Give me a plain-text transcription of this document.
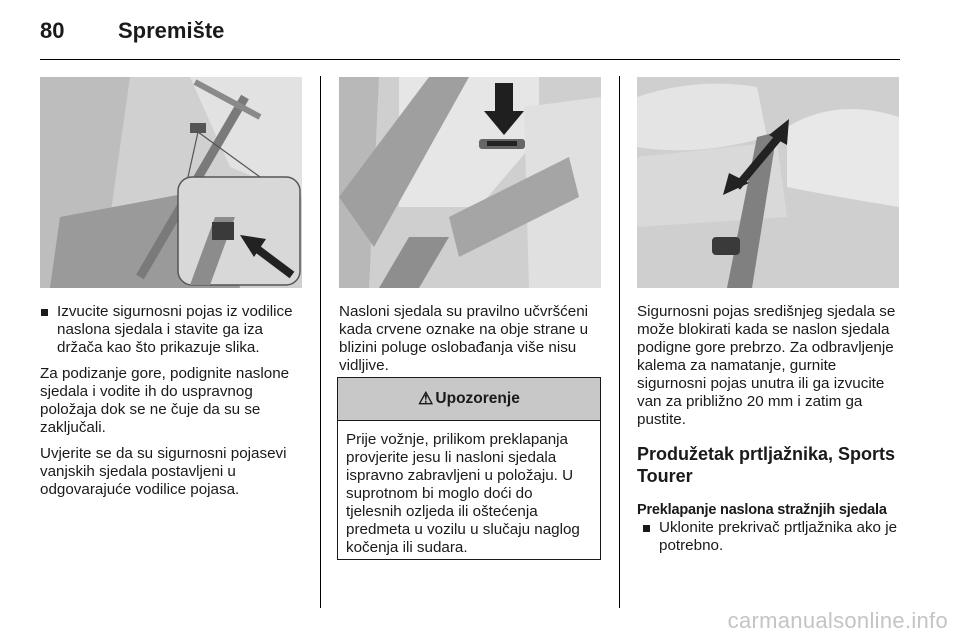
80	Spremište

Izvucite sigurnosni pojas iz vodilice naslona sjedala i stavite ga iza držača kao što prikazuje slika.

Za podizanje gore, podignite naslone sjedala i vodite ih do uspravnog položaja dok se ne čuje da su se zaključali.

Uvjerite se da su sigurnosni pojasevi vanjskih sjedala postavljeni u odgovarajuće vodilice pojasa.

Nasloni sjedala su pravilno učvršćeni kada crvene oznake na obje strane u blizini poluge oslobađanja više nisu vidljive.

⚠ Upozorenje
Prije vožnje, prilikom preklapanja provjerite jesu li nasloni sjedala ispravno zabravljeni u položaju. U suprotnom bi moglo doći do tjelesnih ozljeda ili oštećenja predmeta u vozilu u slučaju naglog kočenja ili sudara.

Sigurnosni pojas središnjeg sjedala se može blokirati kada se naslon sjedala podigne gore prebrzo. Za odbravljenje kalema za namatanje, gurnite sigurnosni pojas unutra ili ga izvucite van za približno 20 mm i zatim ga pustite.

Produžetak prtljažnika, Sports Tourer
Preklapanje naslona stražnjih sjedala

Uklonite prekrivač prtljažnika ako je potrebno.

carmanualsonline.info
